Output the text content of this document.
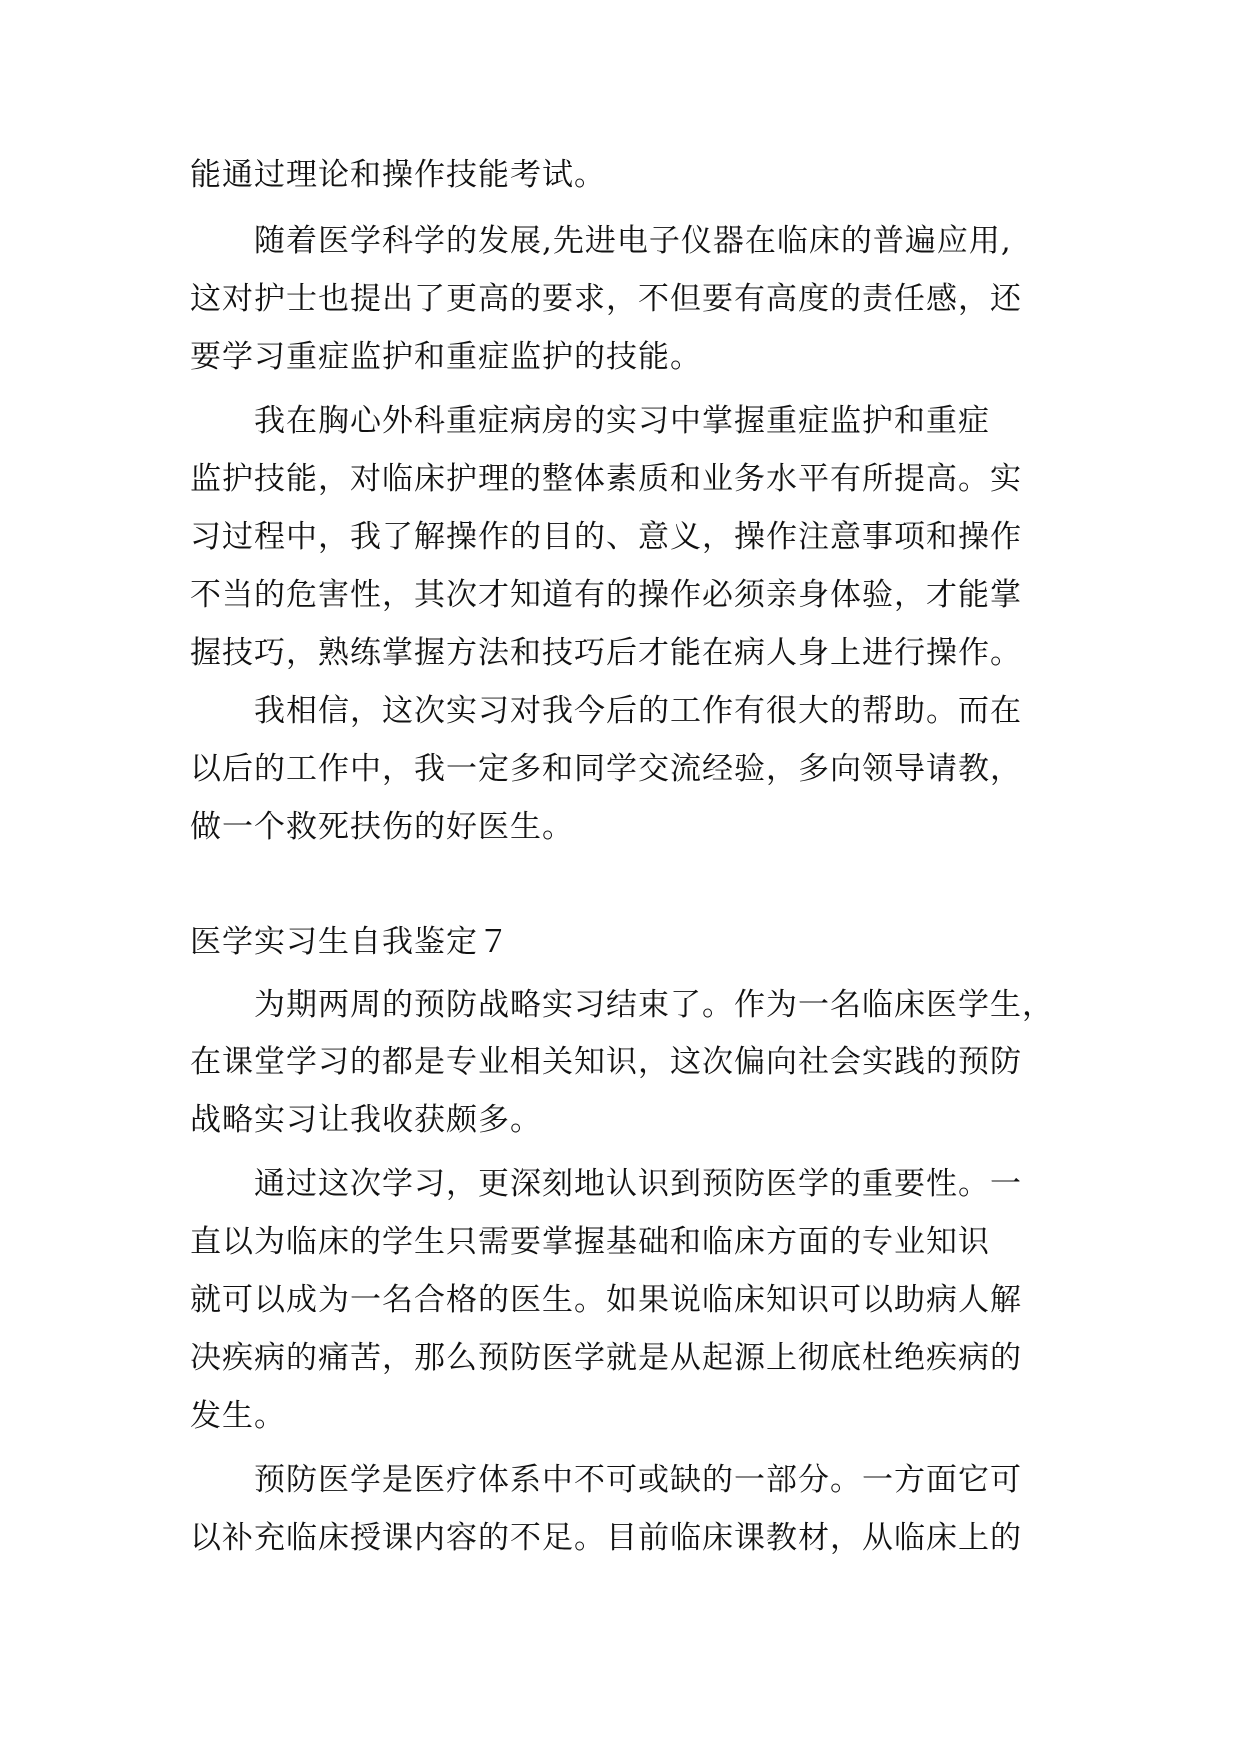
能通过理论和操作技能考试。
随着医学科学的发展,先进电子仪器在临床的普遍应用,
这对护士也提出了更高的要求，不但要有高度的责任感，还
要学习重症监护和重症监护的技能。
我在胸心外科重症病房的实习中掌握重症监护和重症
监护技能，对临床护理的整体素质和业务水平有所提高。实
习过程中，我了解操作的目的、意义，操作注意事项和操作
不当的危害性，其次才知道有的操作必须亲身体验，才能掌
握技巧，熟练掌握方法和技巧后才能在病人身上进行操作。
我相信，这次实习对我今后的工作有很大的帮助。而在
以后的工作中，我一定多和同学交流经验，多向领导请教，
做一个救死扶伤的好医生。
医学实习生自我鉴定７
为期两周的预防战略实习结束了。作为一名临床医学生，
在课堂学习的都是专业相关知识，这次偏向社会实践的预防
战略实习让我收获颇多。
通过这次学习，更深刻地认识到预防医学的重要性。一
直以为临床的学生只需要掌握基础和临床方面的专业知识
就可以成为一名合格的医生。如果说临床知识可以助病人解
决疾病的痛苦，那么预防医学就是从起源上彻底杜绝疾病的
发生。
预防医学是医疗体系中不可或缺的一部分。一方面它可
以补充临床授课内容的不足。目前临床课教材，从临床上的
